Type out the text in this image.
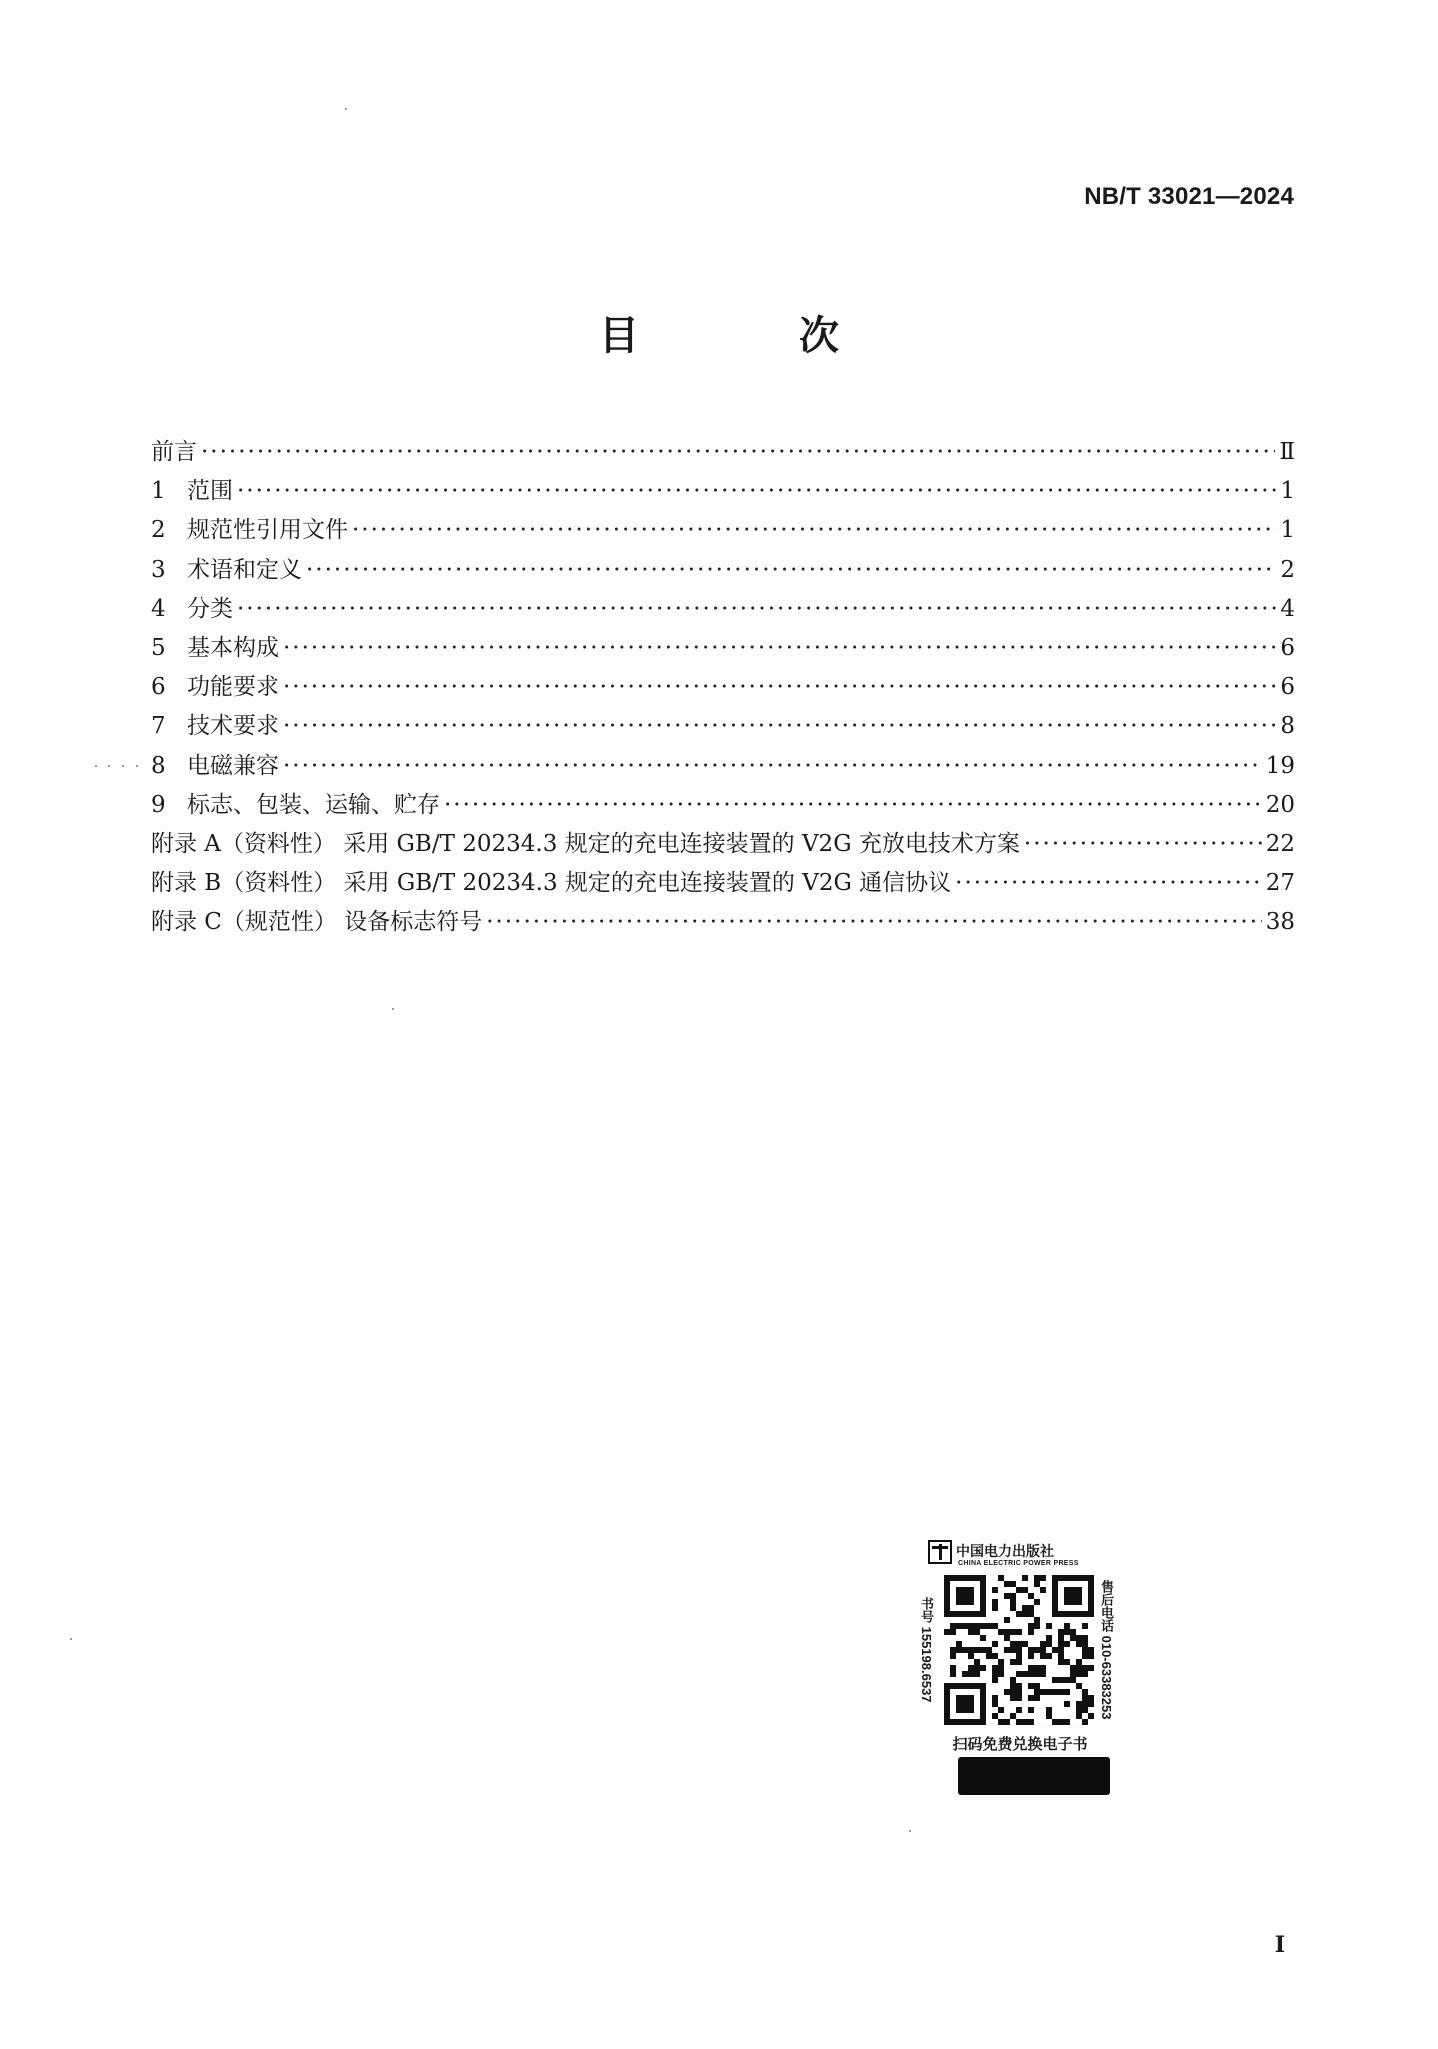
NB/T 33021—2024
目　次
前言 ·····	Ⅱ
1 范围 ·····	1
2 规范性引用文件 ·····	1
3 术语和定义 ·····	2
4 分类 ·····	4
5 基本构成 ·····	6
6 功能要求 ·····	6
7 技术要求 ·····	8
8 电磁兼容 ·····	19
9 标志、包装、运输、贮存 ·····	20
附录 A（资料性） 采用 GB/T 20234.3 规定的充电连接装置的 V2G 充放电技术方案 ·····	22
附录 B（资料性） 采用 GB/T 20234.3 规定的充电连接装置的 V2G 通信协议 ·····	27
附录 C（规范性） 设备标志符号 ·····	38
中国电力出版社
CHINA ELECTRIC POWER PRESS
书号 155198.6537	售后电话 010-63383253
扫码免费兑换电子书
I
